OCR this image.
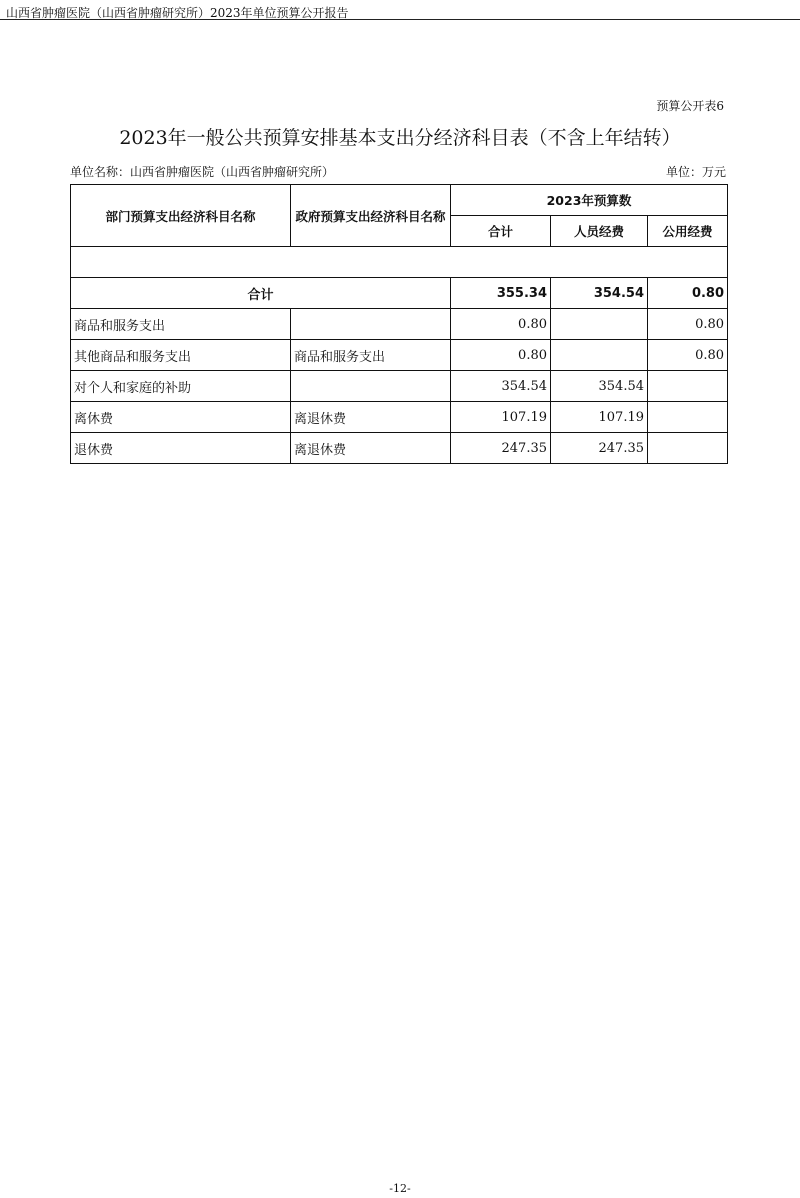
山西省肿瘤医院（山西省肿瘤研究所）2023年单位预算公开报告
预算公开表6
2023年一般公共预算安排基本支出分经济科目表（不含上年结转）
单位名称：山西省肿瘤医院（山西省肿瘤研究所）	单位：万元
部门预算支出经济科目名称	政府预算支出经济科目名称	2023年预算数		
		合计	人员经费	公用经费

合计		355.34	354.54	0.80
商品和服务支出		0.80		0.80
其他商品和服务支出	商品和服务支出	0.80		0.80
对个人和家庭的补助		354.54	354.54	
离休费	离退休费	107.19	107.19	
退休费	离退休费	247.35	247.35	
-12-
